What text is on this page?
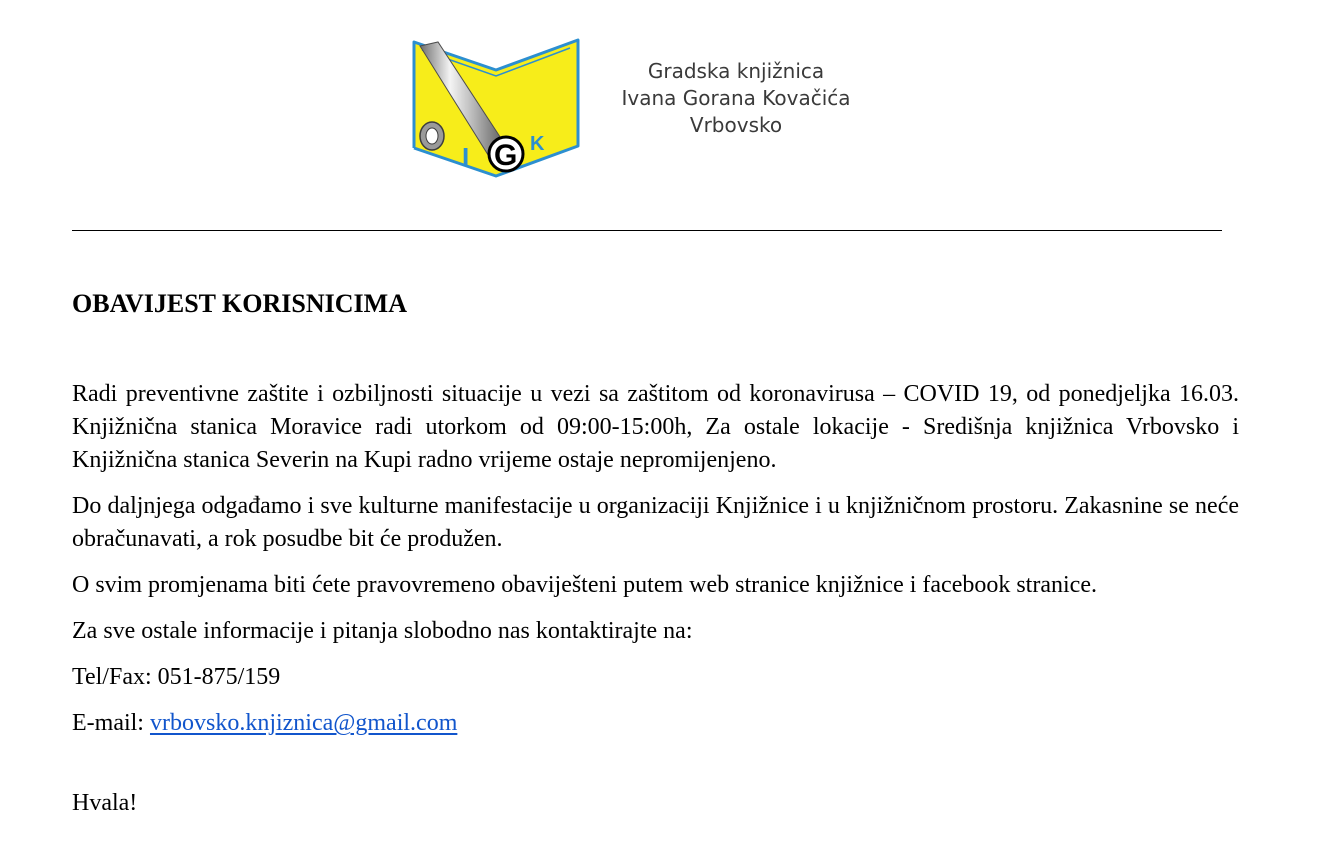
I G K
Gradska knjižnica
Ivana Gorana Kovačića
Vrbovsko
OBAVIJEST KORISNICIMA
Radi preventivne zaštite i ozbiljnosti situacije u vezi sa zaštitom od koronavirusa – COVID 19, od ponedjeljka 16.03. Knjižnična stanica Moravice radi utorkom od 09:00-15:00h, Za ostale lokacije - Središnja knjižnica Vrbovsko i Knjižnična stanica Severin na Kupi radno vrijeme ostaje nepromijenjeno.
Do daljnjega odgađamo i sve kulturne manifestacije u organizaciji Knjižnice i u knjižničnom prostoru. Zakasnine se neće obračunavati, a rok posudbe bit će produžen.
O svim promjenama biti ćete pravovremeno obaviješteni putem web stranice knjižnice i facebook stranice.
Za sve ostale informacije i pitanja slobodno nas kontaktirajte na:
Tel/Fax: 051-875/159
E-mail: vrbovsko.knjiznica@gmail.com
Hvala!
